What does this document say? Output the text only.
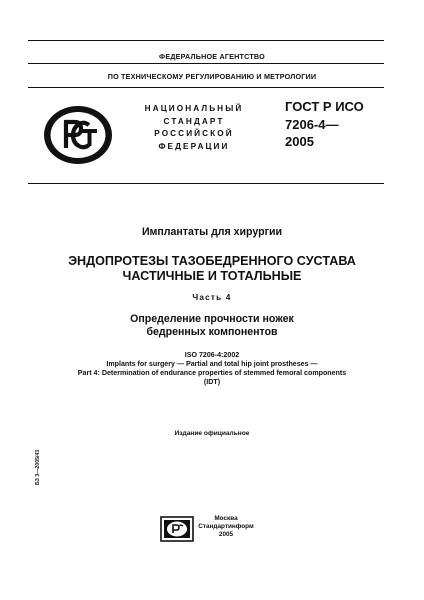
ФЕДЕРАЛЬНОЕ АГЕНТСТВО
ПО ТЕХНИЧЕСКОМУ РЕГУЛИРОВАНИЮ И МЕТРОЛОГИИ
НАЦИОНАЛЬНЫЙ
СТАНДАРТ
РОССИЙСКОЙ
ФЕДЕРАЦИИ
ГОСТ Р ИСО
7206-4—
2005
Имплантаты для хирургии
ЭНДОПРОТЕЗЫ ТАЗОБЕДРЕННОГО СУСТАВА
ЧАСТИЧНЫЕ И ТОТАЛЬНЫЕ
Часть 4
Определение прочности ножек
бедренных компонентов
ISO 7206-4:2002
Implants for surgery — Partial and total hip joint prostheses —
Part 4: Determination of endurance properties of stemmed femoral components
(IDT)
Издание официальное
БЗ 3—2005/43
Москва
Стандартинформ
2005
